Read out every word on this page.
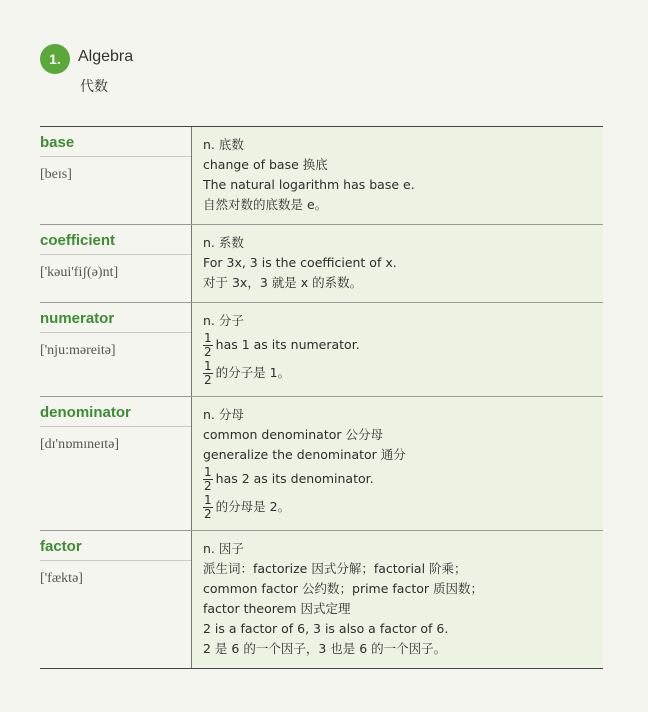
1. Algebra
代数
base
[beɪs]
n. 底数
change of base 换底
The natural logarithm has base e.
自然对数的底数是 e。
coefficient
['kəui'fiʃ(ə)nt]
n. 系数
For 3x, 3 is the coefficient of x.
对于 3x，3 就是 x 的系数。
numerator
['nju:məreitə]
n. 分子
$\frac{1}{2}$ has 1 as its numerator.
$\frac{1}{2}$ 的分子是 1。
denominator
[dɪ'nɒmɪneɪtə]
n. 分母
common denominator 公分母
generalize the denominator 通分
$\frac{1}{2}$ has 2 as its denominator.
$\frac{1}{2}$ 的分母是 2。
factor
['fæktə]
n. 因子
派生词：factorize 因式分解；factorial 阶乘；
common factor 公约数；prime factor 质因数；
factor theorem 因式定理
2 is a factor of 6, 3 is also a factor of 6.
2 是 6 的一个因子，3 也是 6 的一个因子。
